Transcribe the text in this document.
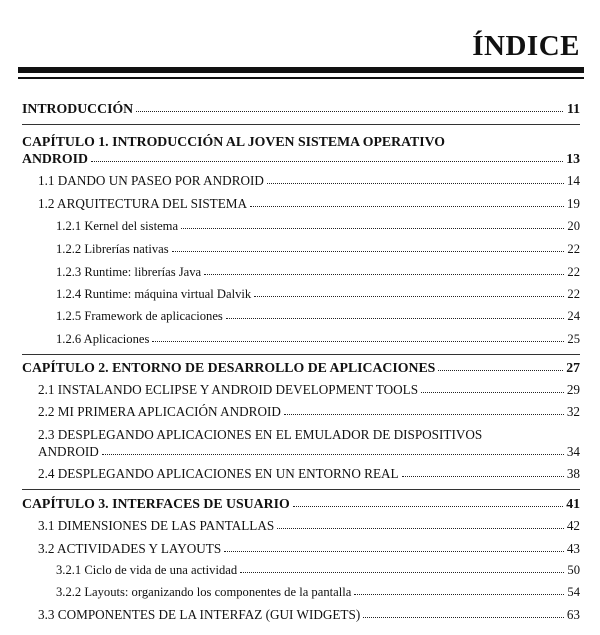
ÍNDICE
INTRODUCCIÓN	11
CAPÍTULO 1. INTRODUCCIÓN AL JOVEN SISTEMA OPERATIVO
ANDROID	13
1.1 DANDO UN PASEO POR ANDROID	14
1.2 ARQUITECTURA DEL SISTEMA	19
1.2.1 Kernel del sistema	20
1.2.2 Librerías nativas	22
1.2.3 Runtime: librerías Java	22
1.2.4 Runtime: máquina virtual Dalvik	22
1.2.5 Framework de aplicaciones	24
1.2.6 Aplicaciones	25
CAPÍTULO 2. ENTORNO DE DESARROLLO DE APLICACIONES	27
2.1 INSTALANDO ECLIPSE Y ANDROID DEVELOPMENT TOOLS	29
2.2 MI PRIMERA APLICACIÓN ANDROID	32
2.3 DESPLEGANDO APLICACIONES EN EL EMULADOR DE DISPOSITIVOS
ANDROID	34
2.4 DESPLEGANDO APLICACIONES EN UN ENTORNO REAL	38
CAPÍTULO 3. INTERFACES DE USUARIO	41
3.1 DIMENSIONES DE LAS PANTALLAS	42
3.2 ACTIVIDADES Y LAYOUTS	43
3.2.1 Ciclo de vida de una actividad	50
3.2.2 Layouts: organizando los componentes de la pantalla	54
3.3 COMPONENTES DE LA INTERFAZ (GUI WIDGETS)	63
